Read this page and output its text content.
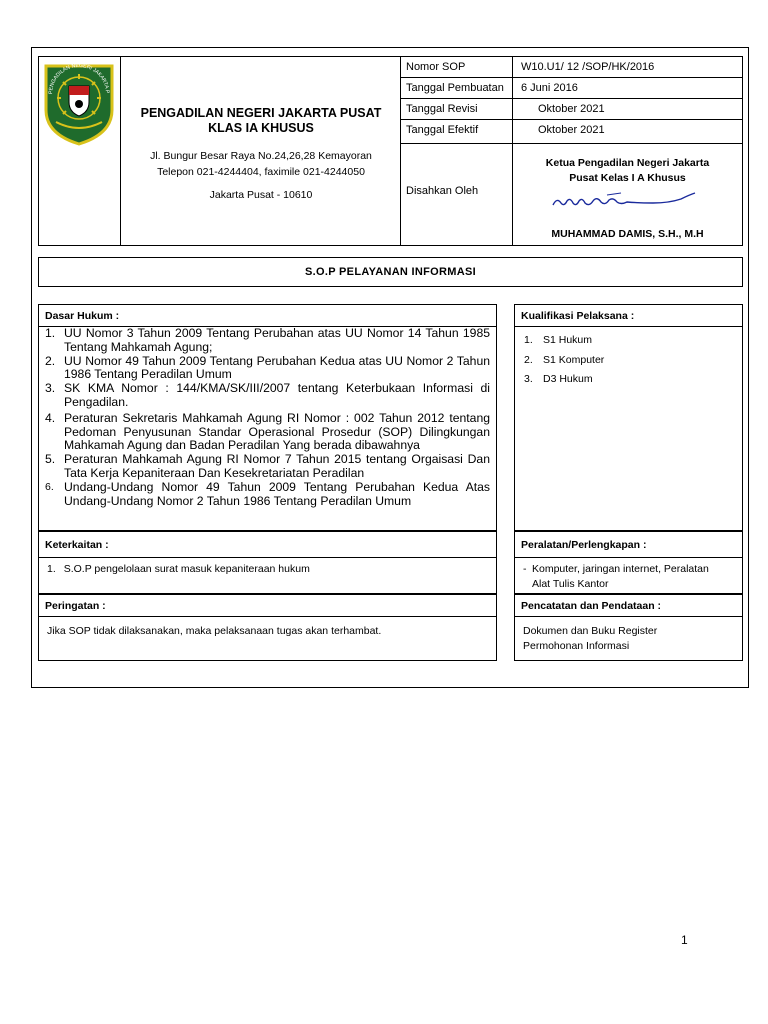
PENGADILAN NEGERI JAKARTA P
PENGADILAN NEGERI JAKARTA PUSAT
KLAS IA KHUSUS
Jl. Bungur Besar Raya No.24,26,28 Kemayoran
Telepon 021-4244404, faximile 021-4244050
Jakarta Pusat - 10610
Nomor SOP	W10.U1/ 12 /SOP/HK/2016
Tanggal Pembuatan	6 Juni 2016
Tanggal Revisi	Oktober 2021
Tanggal Efektif	Oktober 2021
Disahkan Oleh
Ketua Pengadilan Negeri Jakarta
Pusat Kelas I A Khusus
MUHAMMAD DAMIS, S.H., M.H
S.O.P PELAYANAN INFORMASI
Dasar Hukum :
1. UU Nomor 3 Tahun 2009 Tentang Perubahan atas UU Nomor 14 Tahun 1985 Tentang Mahkamah Agung;
2. UU Nomor 49 Tahun 2009 Tentang Perubahan Kedua atas UU Nomor 2 Tahun 1986 Tentang Peradilan Umum
3. SK KMA Nomor : 144/KMA/SK/III/2007 tentang Keterbukaan Informasi di Pengadilan.
4. Peraturan Sekretaris Mahkamah Agung RI Nomor : 002 Tahun 2012 tentang Pedoman Penyusunan Standar Operasional Prosedur (SOP) Dilingkungan Mahkamah Agung dan Badan Peradilan Yang berada dibawahnya
5. Peraturan Mahkamah Agung RI Nomor 7 Tahun 2015 tentang Orgaisasi Dan Tata Kerja Kepaniteraan Dan Kesekretariatan Peradilan
6. Undang-Undang Nomor 49 Tahun 2009 Tentang Perubahan Kedua Atas Undang-Undang Nomor 2 Tahun 1986 Tentang Peradilan Umum
Kualifikasi Pelaksana :
1. S1 Hukum
2. S1 Komputer
3. D3 Hukum
Keterkaitan :
1. S.O.P pengelolaan surat masuk kepaniteraan hukum
Peralatan/Perlengkapan :
- Komputer, jaringan internet, Peralatan
Alat Tulis Kantor
Peringatan :
Jika SOP tidak dilaksanakan, maka pelaksanaan tugas akan terhambat.
Pencatatan dan Pendataan :
Dokumen dan Buku Register
Permohonan Informasi
1
